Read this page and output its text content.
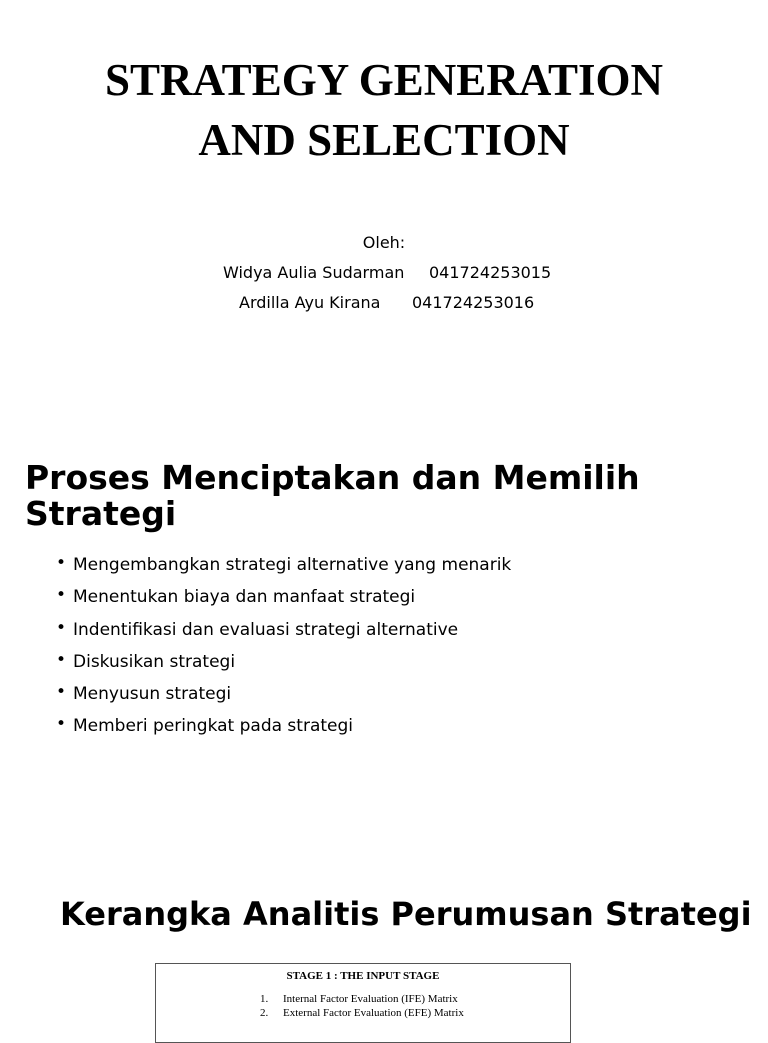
STRATEGY GENERATION
AND SELECTION
Oleh:
Widya Aulia Sudarman 041724253015
Ardilla Ayu Kirana 041724253016
Proses Menciptakan dan Memilih Strategi
• Mengembangkan strategi alternative yang menarik
• Menentukan biaya dan manfaat strategi
• Indentifikasi dan evaluasi strategi alternative
• Diskusikan strategi
• Menyusun strategi
• Memberi peringkat pada strategi
Kerangka Analitis Perumusan Strategi
STAGE 1 : THE INPUT STAGE
1. Internal Factor Evaluation (IFE) Matrix
2. External Factor Evaluation (EFE) Matrix
